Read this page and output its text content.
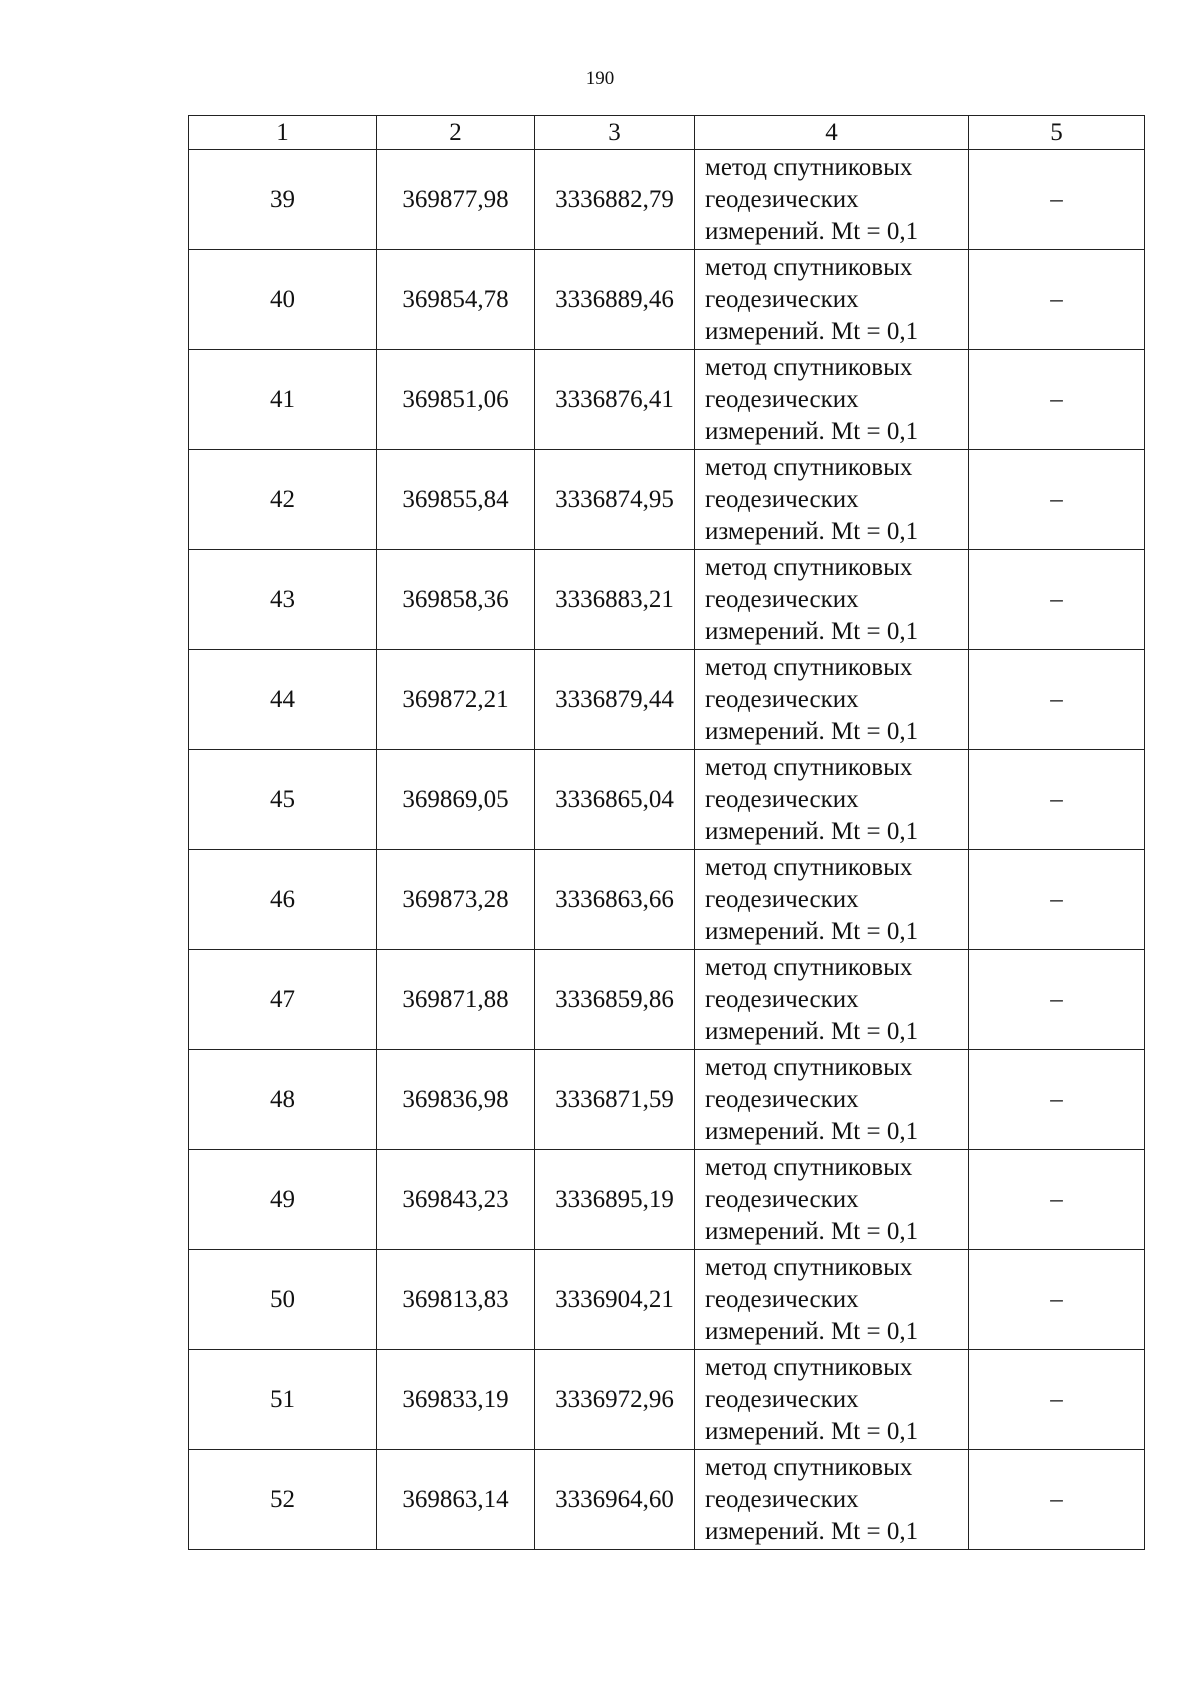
190
1	2	3	4	5
39	369877,98	3336882,79	метод спутниковых
геодезических
измерений. Mt = 0,1	–
40	369854,78	3336889,46	метод спутниковых
геодезических
измерений. Mt = 0,1	–
41	369851,06	3336876,41	метод спутниковых
геодезических
измерений. Mt = 0,1	–
42	369855,84	3336874,95	метод спутниковых
геодезических
измерений. Mt = 0,1	–
43	369858,36	3336883,21	метод спутниковых
геодезических
измерений. Mt = 0,1	–
44	369872,21	3336879,44	метод спутниковых
геодезических
измерений. Mt = 0,1	–
45	369869,05	3336865,04	метод спутниковых
геодезических
измерений. Mt = 0,1	–
46	369873,28	3336863,66	метод спутниковых
геодезических
измерений. Mt = 0,1	–
47	369871,88	3336859,86	метод спутниковых
геодезических
измерений. Mt = 0,1	–
48	369836,98	3336871,59	метод спутниковых
геодезических
измерений. Mt = 0,1	–
49	369843,23	3336895,19	метод спутниковых
геодезических
измерений. Mt = 0,1	–
50	369813,83	3336904,21	метод спутниковых
геодезических
измерений. Mt = 0,1	–
51	369833,19	3336972,96	метод спутниковых
геодезических
измерений. Mt = 0,1	–
52	369863,14	3336964,60	метод спутниковых
геодезических
измерений. Mt = 0,1	–
